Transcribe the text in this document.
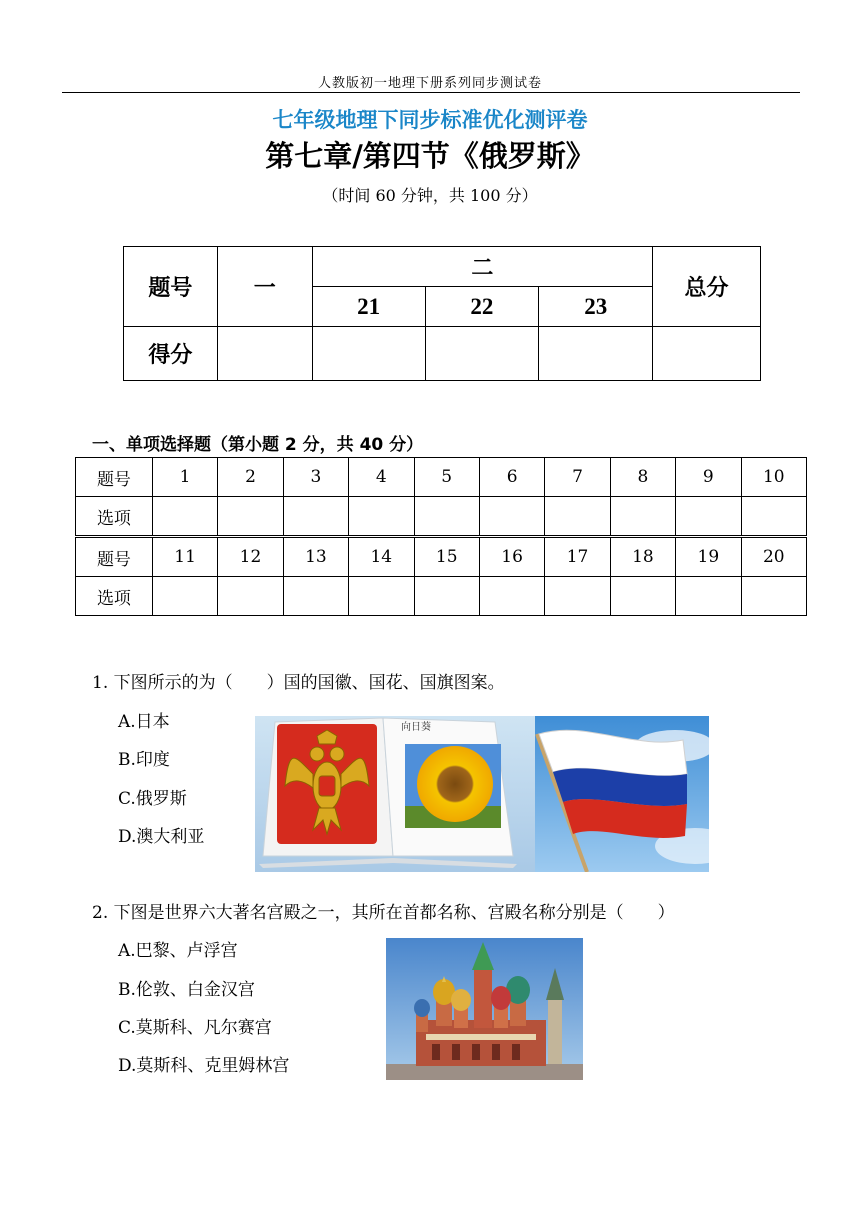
人教版初一地理下册系列同步测试卷
七年级地理下同步标准优化测评卷
第七章/第四节《俄罗斯》
（时间 60 分钟，共 100 分）
题号	一	二			总分
		21	22	23	
得分					
一、单项选择题（第小题 2 分，共 40 分）
题号	1	2	3	4	5	6	7	8	9	10
选项										
题号	11	12	13	14	15	16	17	18	19	20
选项										
1. 下图所示的为（　　）国的国徽、国花、国旗图案。
A.日本
B.印度
C.俄罗斯
D.澳大利亚
向日葵
2. 下图是世界六大著名宫殿之一，其所在首都名称、宫殿名称分别是（　　）
A.巴黎、卢浮宫
B.伦敦、白金汉宫
C.莫斯科、凡尔赛宫
D.莫斯科、克里姆林宫
